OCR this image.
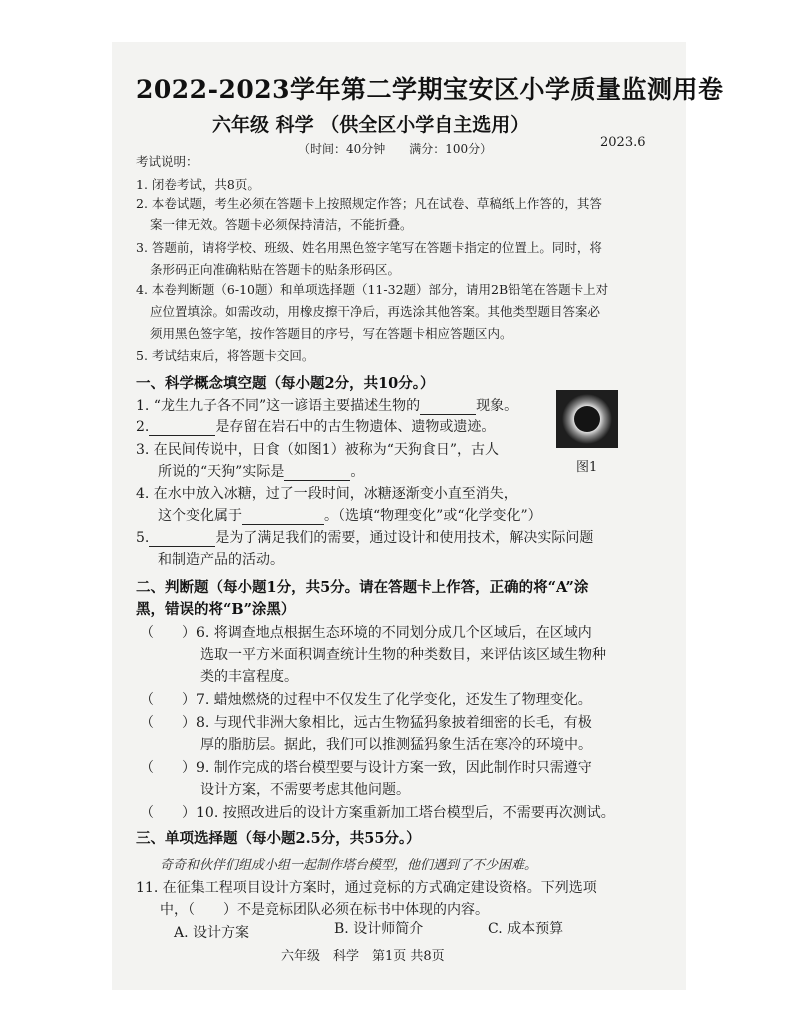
2022-2023学年第二学期宝安区小学质量监测用卷
六年级 科学 （供全区小学自主选用）
（时间：40分钟　　满分：100分）	2023.6
考试说明：
1. 闭卷考试，共8页。
2. 本卷试题，考生必须在答题卡上按照规定作答；凡在试卷、草稿纸上作答的，其答
案一律无效。答题卡必须保持清洁，不能折叠。
3. 答题前，请将学校、班级、姓名用黑色签字笔写在答题卡指定的位置上。同时，将
条形码正向准确粘贴在答题卡的贴条形码区。
4. 本卷判断题（6-10题）和单项选择题（11-32题）部分，请用2B铅笔在答题卡上对
应位置填涂。如需改动，用橡皮擦干净后，再选涂其他答案。其他类型题目答案必
须用黑色签字笔，按作答题目的序号，写在答题卡相应答题区内。
5. 考试结束后，将答题卡交回。
一、科学概念填空题（每小题2分，共10分。）
1. “龙生九子各不同”这一谚语主要描述生物的	现象。
2.	是存留在岩石中的古生物遗体、遗物或遗迹。
3. 在民间传说中，日食（如图1）被称为“天狗食日”，古人
所说的“天狗”实际是	。	图1
4. 在水中放入冰糖，过了一段时间，冰糖逐渐变小直至消失，
这个变化属于	。（选填“物理变化”或“化学变化”）
5.	是为了满足我们的需要，通过设计和使用技术，解决实际问题
和制造产品的活动。
二、判断题（每小题1分，共5分。请在答题卡上作答，正确的将“A”涂
黑，错误的将“B”涂黑）
（　　）6. 将调查地点根据生态环境的不同划分成几个区域后，在区域内
选取一平方米面积调查统计生物的种类数目，来评估该区域生物种
类的丰富程度。
（　　）7. 蜡烛燃烧的过程中不仅发生了化学变化，还发生了物理变化。
（　　）8. 与现代非洲大象相比，远古生物猛犸象披着细密的长毛，有极
厚的脂肪层。据此，我们可以推测猛犸象生活在寒冷的环境中。
（　　）9. 制作完成的塔台模型要与设计方案一致，因此制作时只需遵守
设计方案，不需要考虑其他问题。
（　　）10. 按照改进后的设计方案重新加工塔台模型后，不需要再次测试。
三、单项选择题（每小题2.5分，共55分。）
奇奇和伙伴们组成小组一起制作塔台模型，他们遇到了不少困难。
11. 在征集工程项目设计方案时，通过竞标的方式确定建设资格。下列选项
中，（　　）不是竞标团队必须在标书中体现的内容。
A. 设计方案	B. 设计师简介	C. 成本预算
六年级　科学　第1页 共8页
